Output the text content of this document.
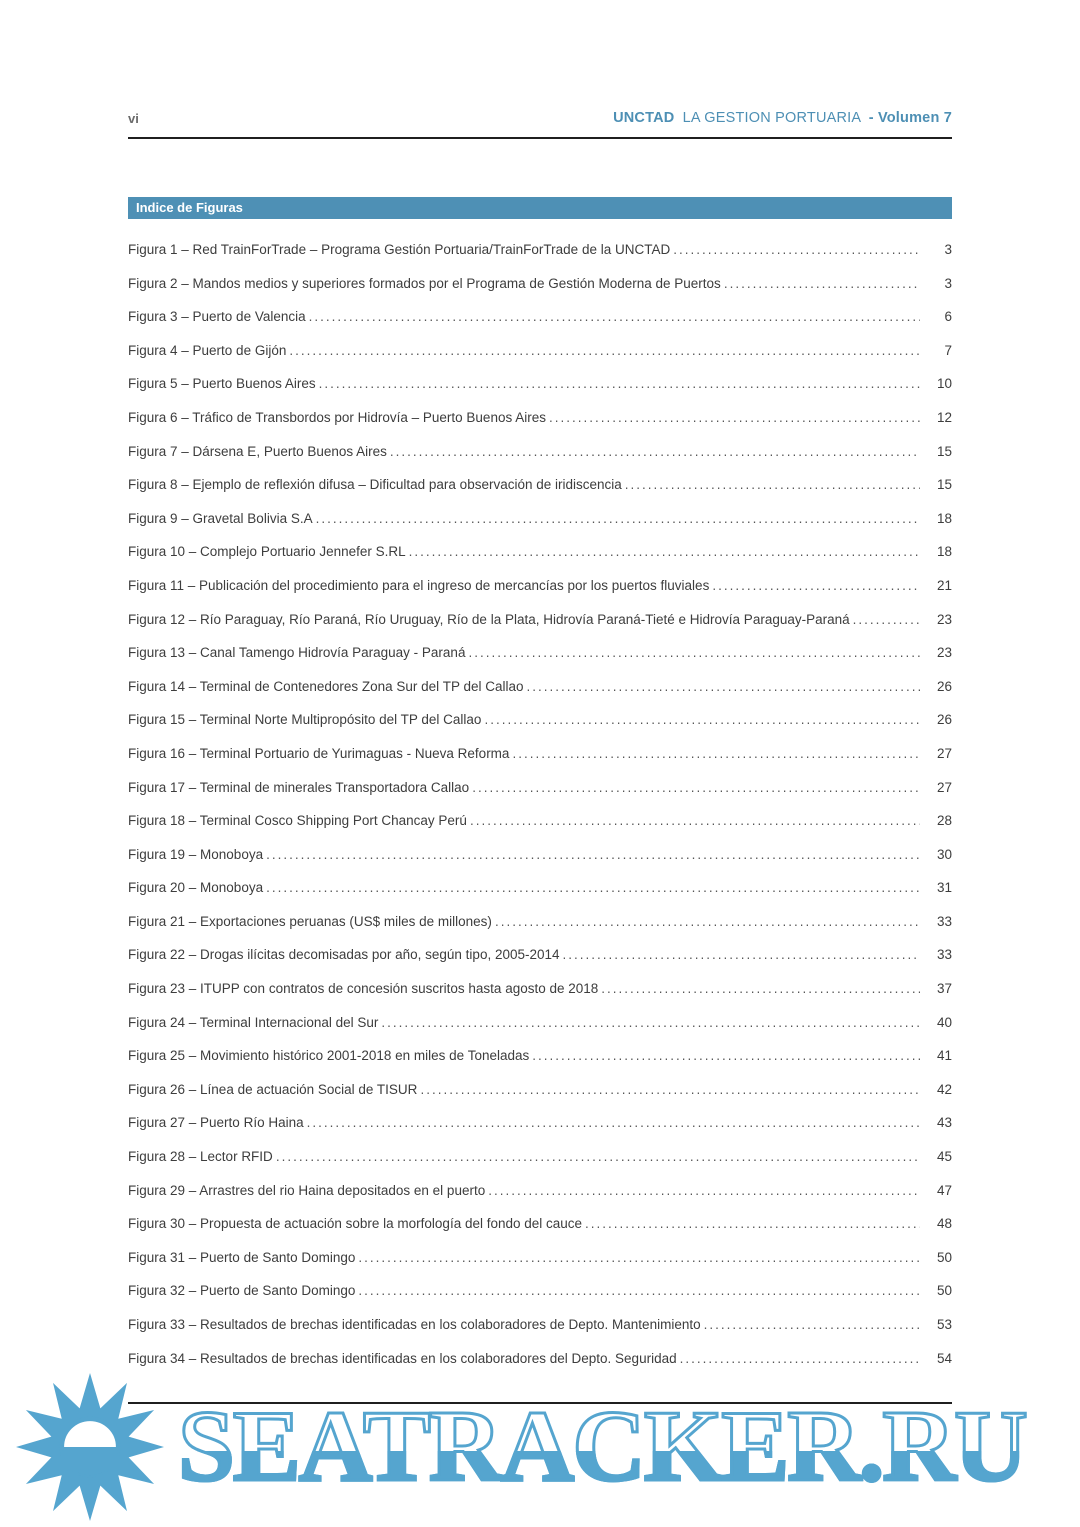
vi	UNCTAD LA GESTION PORTUARIA - Volumen 7
Indice de Figuras
Figura 1 – Red TrainForTrade – Programa Gestión Portuaria/TrainForTrade de la UNCTAD .....	3
Figura 2 – Mandos medios y superiores formados por el Programa de Gestión Moderna de Puertos .....	3
Figura 3 – Puerto de Valencia .....	6
Figura 4 – Puerto de Gijón .....	7
Figura 5 – Puerto Buenos Aires .....	10
Figura 6 – Tráfico de Transbordos por Hidrovía – Puerto Buenos Aires .....	12
Figura 7 – Dársena E, Puerto Buenos Aires .....	15
Figura 8 – Ejemplo de reflexión difusa – Dificultad para observación de iridiscencia .....	15
Figura 9 – Gravetal Bolivia S.A .....	18
Figura 10 – Complejo Portuario Jennefer S.RL .....	18
Figura 11 – Publicación del procedimiento para el ingreso de mercancías por los puertos fluviales .....	21
Figura 12 – Río Paraguay, Río Paraná, Río Uruguay, Río de la Plata, Hidrovía Paraná-Tieté e Hidrovía Paraguay-Paraná .....	23
Figura 13 – Canal Tamengo Hidrovía Paraguay - Paraná .....	23
Figura 14 – Terminal de Contenedores Zona Sur del TP del Callao .....	26
Figura 15 – Terminal Norte Multipropósito del TP del Callao .....	26
Figura 16 – Terminal Portuario de Yurimaguas - Nueva Reforma .....	27
Figura 17 – Terminal de minerales Transportadora Callao .....	27
Figura 18 – Terminal Cosco Shipping Port Chancay Perú .....	28
Figura 19 – Monoboya .....	30
Figura 20 – Monoboya .....	31
Figura 21 – Exportaciones peruanas (US$ miles de millones) .....	33
Figura 22 – Drogas ilícitas decomisadas por año, según tipo, 2005-2014 .....	33
Figura 23 – ITUPP con contratos de concesión suscritos hasta agosto de 2018 .....	37
Figura 24 – Terminal Internacional del Sur .....	40
Figura 25 – Movimiento histórico 2001-2018 en miles de Toneladas .....	41
Figura 26 – Línea de actuación Social de TISUR .....	42
Figura 27 – Puerto Río Haina .....	43
Figura 28 – Lector RFID .....	45
Figura 29 – Arrastres del rio Haina depositados en el puerto .....	47
Figura 30 – Propuesta de actuación sobre la morfología del fondo del cauce .....	48
Figura 31 – Puerto de Santo Domingo .....	50
Figura 32 – Puerto de Santo Domingo .....	50
Figura 33 – Resultados de brechas identificadas en los colaboradores de Depto. Mantenimiento .....	53
Figura 34 – Resultados de brechas identificadas en los colaboradores del Depto. Seguridad .....	54
SEATRACKER.RU
